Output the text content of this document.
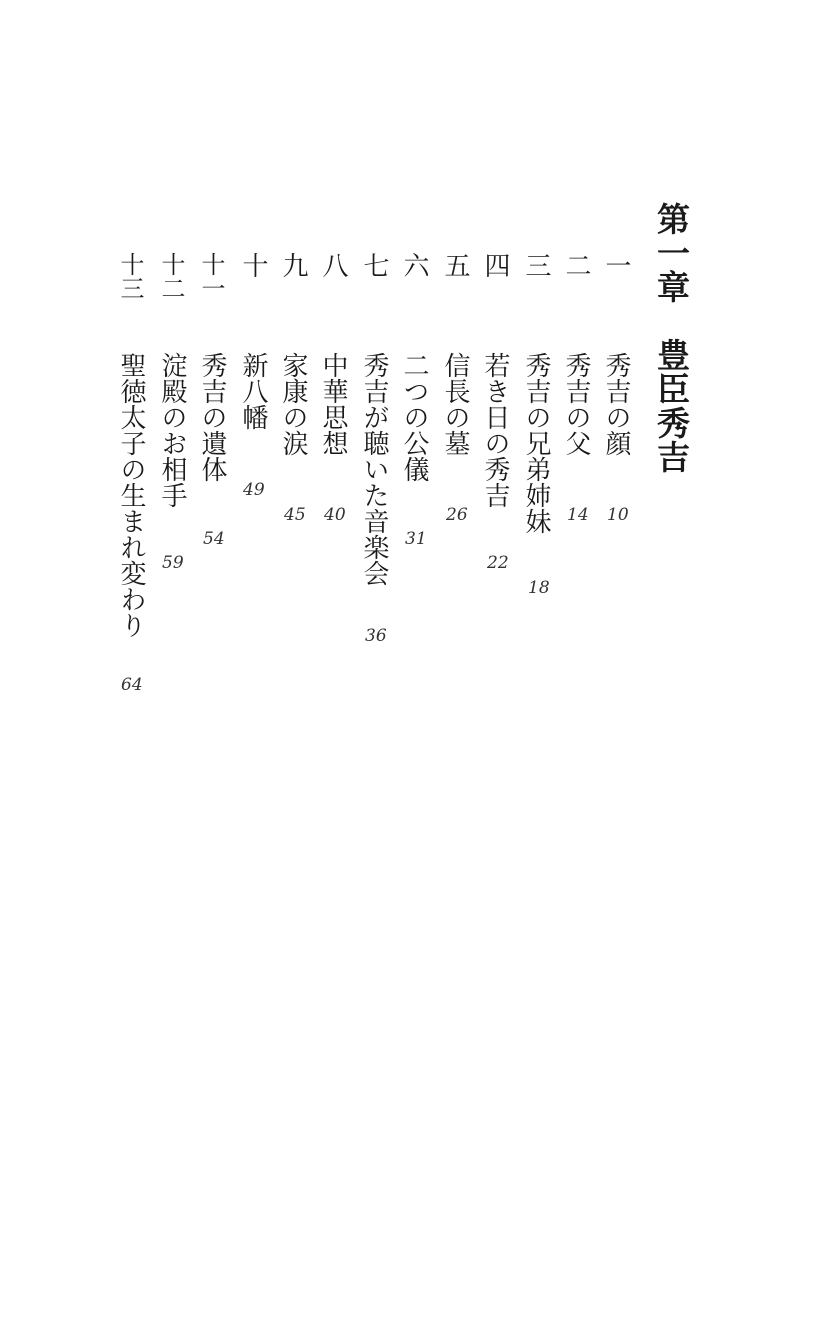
第一章　豊臣秀吉
一
秀吉の顔
10
二
秀吉の父
14
三
秀吉の兄弟姉妹
18
四
若き日の秀吉
22
五
信長の墓
26
六
二つの公儀
31
七
秀吉が聴いた音楽会
36
八
中華思想
40
九
家康の涙
45
十
新八幡
49
十一
秀吉の遺体
54
十二
淀殿のお相手
59
十三
聖徳太子の生まれ変わり
64
